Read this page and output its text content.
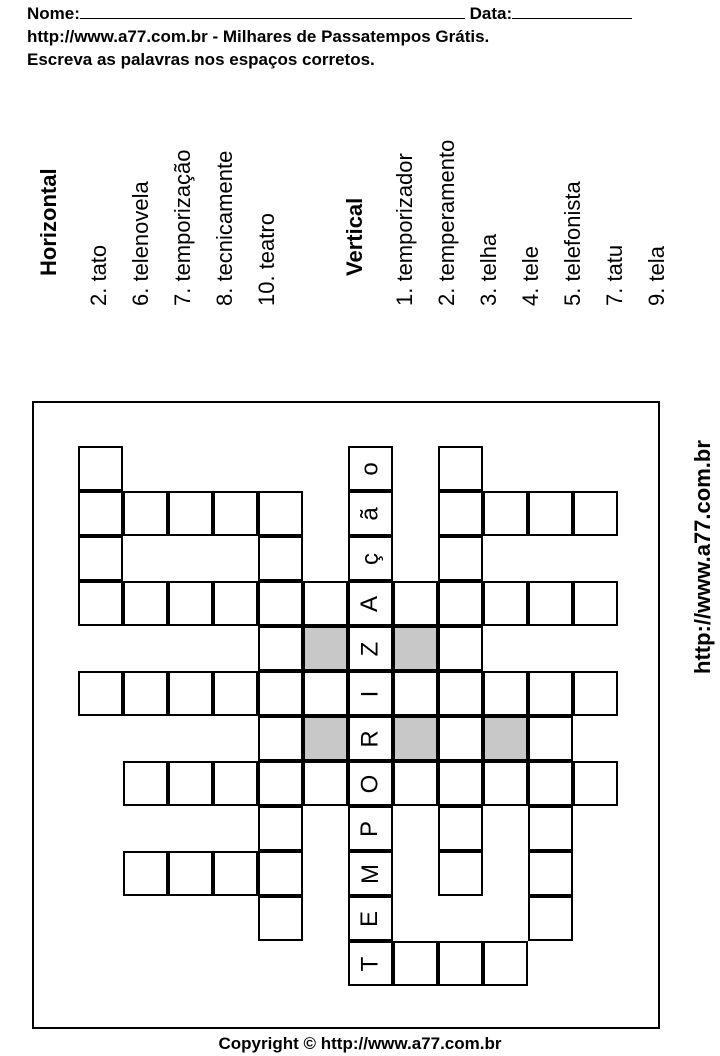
Nome:	Data:
http://www.a77.com.br - Milhares de Passatempos Grátis.
Escreva as palavras nos espaços corretos.
Horizontal 2. tato 6. telenovela 7. temporização 8. tecnicamente 10. teatro	Vertical 1. temporizador 2. temperamento 3. telha 4. tele 5. telefonista 7. tatu 9. tela
http://www.a77.com.br
o
ã
ç
A
Z
I
R
O
P
M
E
T
Copyright © http://www.a77.com.br
